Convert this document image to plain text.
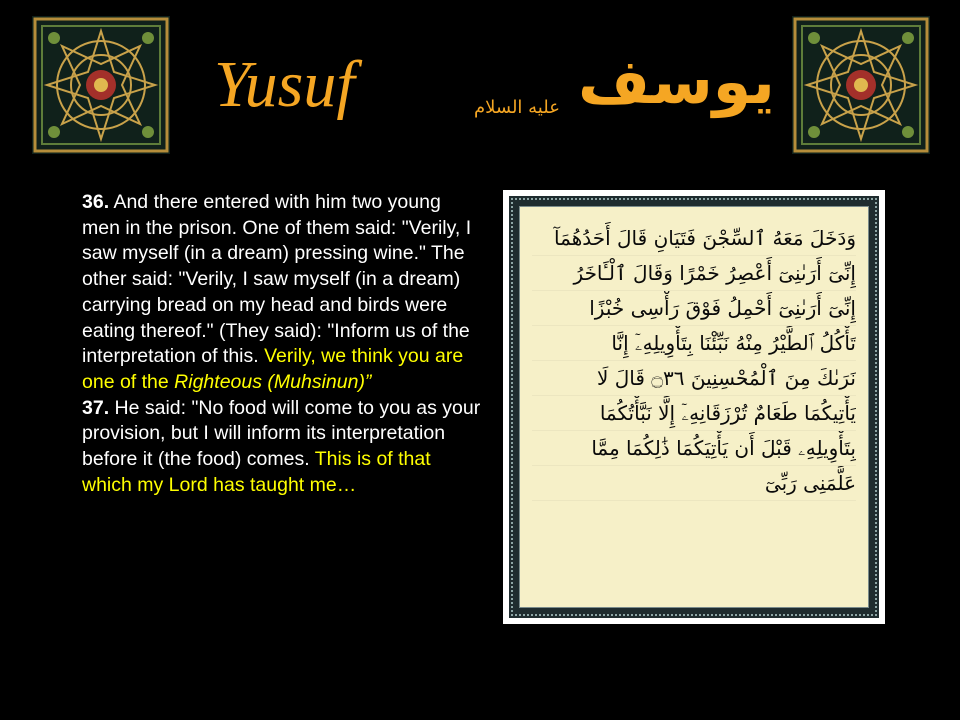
Yusuf	عليه السلام يوسف
36. And there entered with him two young men in the prison. One of them said: "Verily, I saw myself (in a dream) pressing wine." The other said: "Verily, I saw myself (in a dream) carrying bread on my head and birds were eating thereof." (They said): "Inform us of the interpretation of this. Verily, we think you are one of the Righteous (Muhsinun)”
37. He said: "No food will come to you as your provision, but I will inform its interpretation before it (the food) comes. This is of that which my Lord has taught me…
وَدَخَلَ مَعَهُ ٱلسِّجْنَ فَتَيَانِ قَالَ أَحَدُهُمَآ
إِنِّىٓ أَرَىٰنِىٓ أَعْصِرُ خَمْرًا وَقَالَ ٱلْـَٔاخَرُ
إِنِّىٓ أَرَىٰنِىٓ أَحْمِلُ فَوْقَ رَأْسِى خُبْزًا
تَأْكُلُ ٱلطَّيْرُ مِنْهُ نَبِّئْنَا بِتَأْوِيلِهِۦٓ إِنَّا
نَرَىٰكَ مِنَ ٱلْمُحْسِنِينَ ۝٣٦ قَالَ لَا
يَأْتِيكُمَا طَعَامٌ تُرْزَقَانِهِۦٓ إِلَّا نَبَّأْتُكُمَا
بِتَأْوِيلِهِۦ قَبْلَ أَن يَأْتِيَكُمَا ذَٰلِكُمَا مِمَّا
عَلَّمَنِى رَبِّىٓ
